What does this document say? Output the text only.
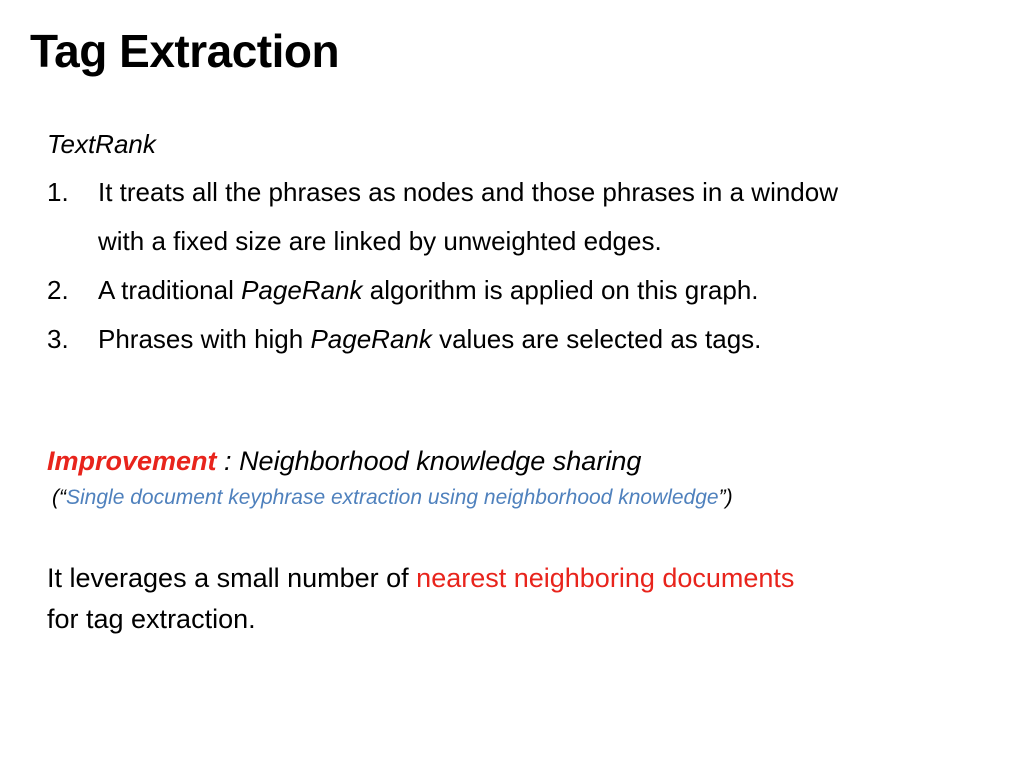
Tag Extraction
TextRank
1.	It treats all the phrases as nodes and those phrases in a window
with a fixed size are linked by unweighted edges.
2.	A traditional PageRank algorithm is applied on this graph.
3.	Phrases with high PageRank values are selected as tags.
Improvement : Neighborhood knowledge sharing
(“Single document keyphrase extraction using neighborhood knowledge”)
It leverages a small number of nearest neighboring documents
for tag extraction.
